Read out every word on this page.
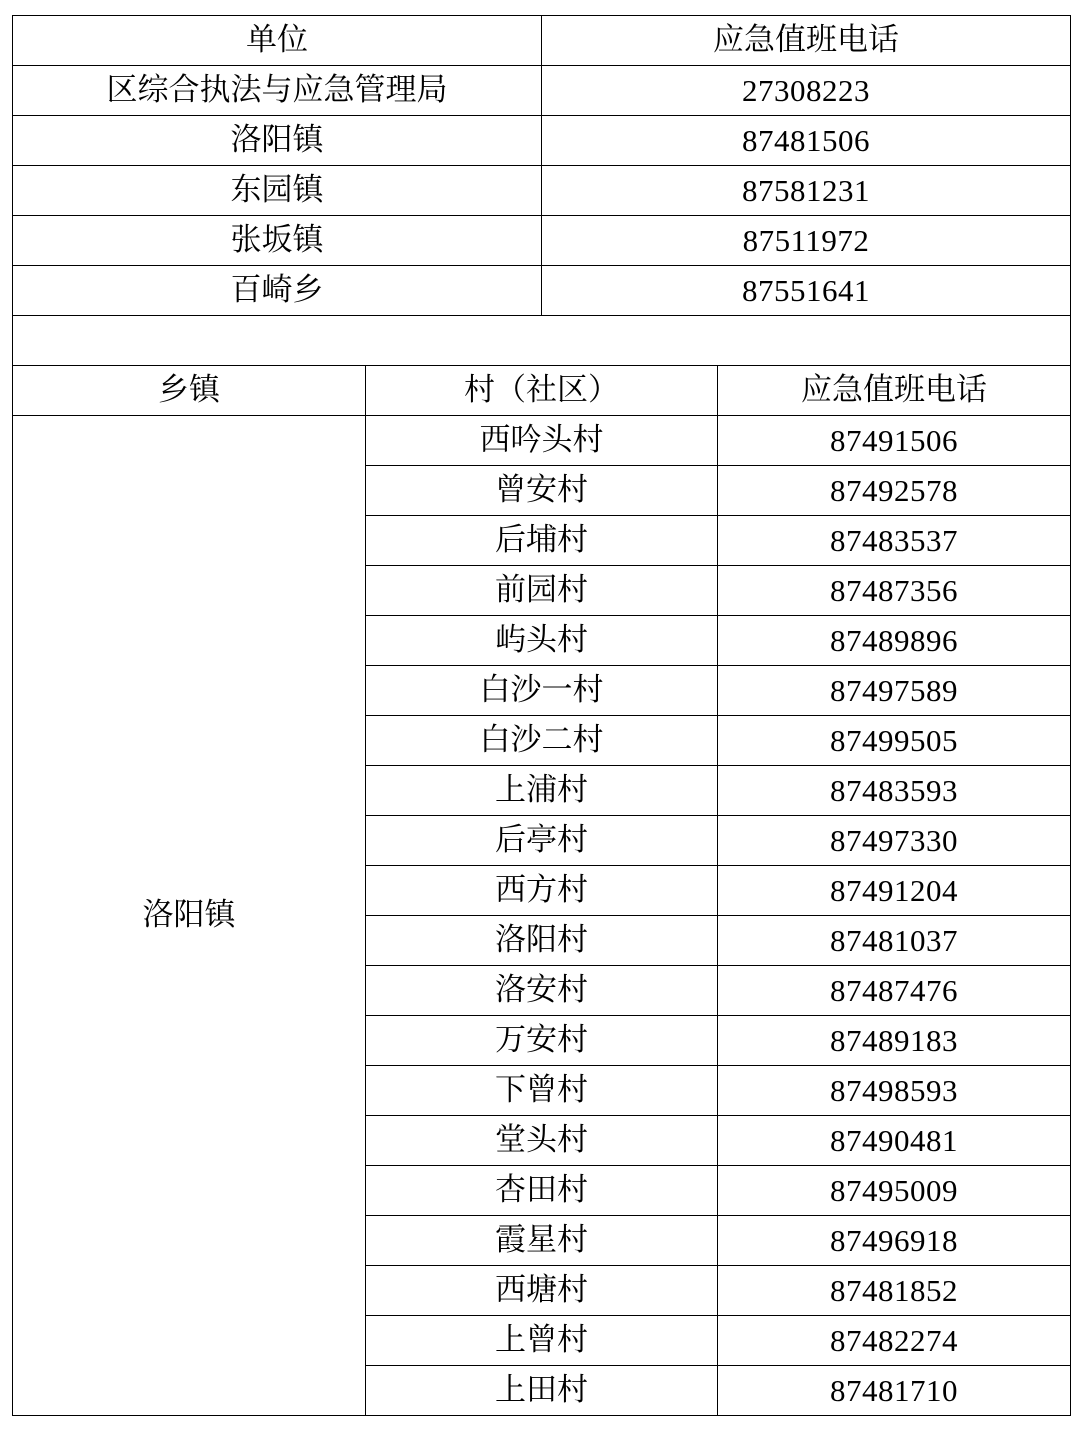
单位		应急值班电话	
区综合执法与应急管理局		27308223	
洛阳镇		87481506	
东园镇		87581231	
张坂镇		87511972	
百崎乡		87551641	

乡镇	村（社区）		应急值班电话
洛阳镇	西吟头村		87491506
	曾安村		87492578
	后埔村		87483537
	前园村		87487356
	屿头村		87489896
	白沙一村		87497589
	白沙二村		87499505
	上浦村		87483593
	后亭村		87497330
	西方村		87491204
	洛阳村		87481037
	洛安村		87487476
	万安村		87489183
	下曾村		87498593
	堂头村		87490481
	杏田村		87495009
	霞星村		87496918
	西塘村		87481852
	上曾村		87482274
	上田村		87481710
